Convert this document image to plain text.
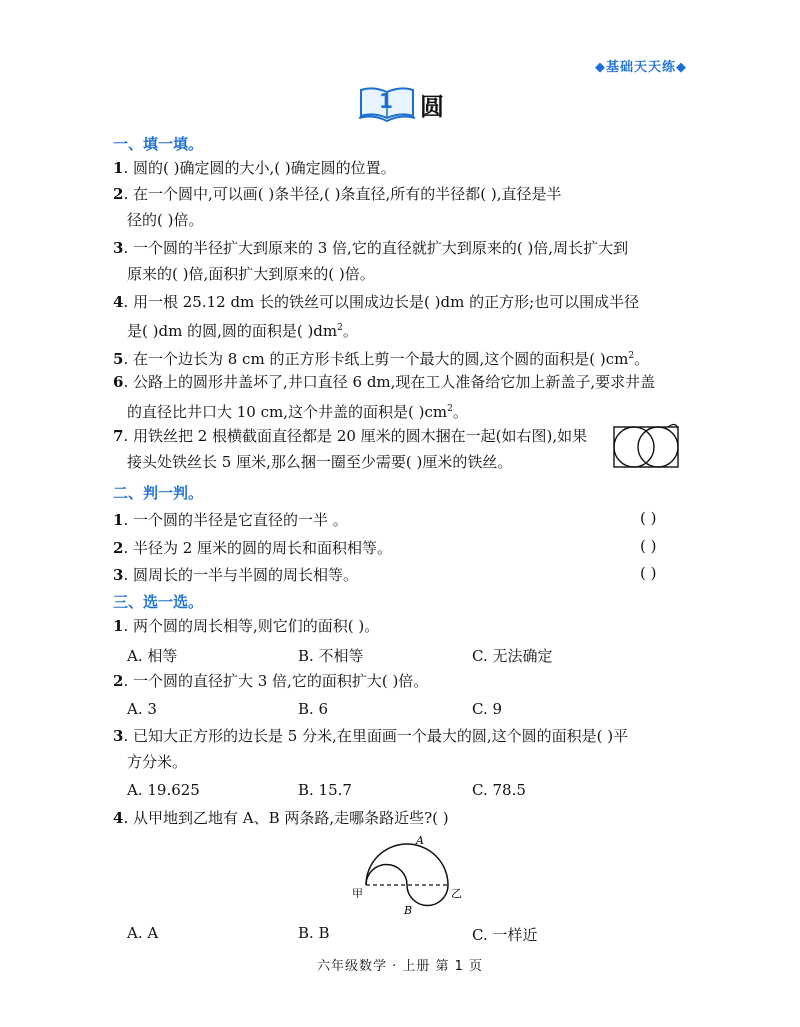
◆基础天天练◆
1 圆
一、填一填。
1. 圆的( )确定圆的大小,( )确定圆的位置。
2. 在一个圆中,可以画( )条半径,( )条直径,所有的半径都( ),直径是半
径的( )倍。
3. 一个圆的半径扩大到原来的 3 倍,它的直径就扩大到原来的( )倍,周长扩大到
原来的( )倍,面积扩大到原来的( )倍。
4. 用一根 25.12 dm 长的铁丝可以围成边长是( )dm 的正方形;也可以围成半径
是( )dm 的圆,圆的面积是( )$dm^2$。
5. 在一个边长为 8 cm 的正方形卡纸上剪一个最大的圆,这个圆的面积是( )$cm^2$。
6. 公路上的圆形井盖坏了,井口直径 6 dm,现在工人准备给它加上新盖子,要求井盖
的直径比井口大 10 cm,这个井盖的面积是( )$cm^2$。
7. 用铁丝把 2 根横截面直径都是 20 厘米的圆木捆在一起(如右图),如果
接头处铁丝长 5 厘米,那么捆一圈至少需要( )厘米的铁丝。
二、判一判。
1. 一个圆的半径是它直径的一半 。	( )
2. 半径为 2 厘米的圆的周长和面积相等。	( )
3. 圆周长的一半与半圆的周长相等。	( )
三、选一选。
1. 两个圆的周长相等,则它们的面积( )。
A. 相等	B. 不相等	C. 无法确定
2. 一个圆的直径扩大 3 倍,它的面积扩大( )倍。
A. 3	B. 6	C. 9
3. 已知大正方形的边长是 5 分米,在里面画一个最大的圆,这个圆的面积是( )平
方分米。
A. 19.625	B. 15.7	C. 78.5
4. 从甲地到乙地有 A、B 两条路,走哪条路近些?( )
甲	乙
A
B
A. A	B. B	C. 一样近
六年级数学 · 上册 第 1 页
